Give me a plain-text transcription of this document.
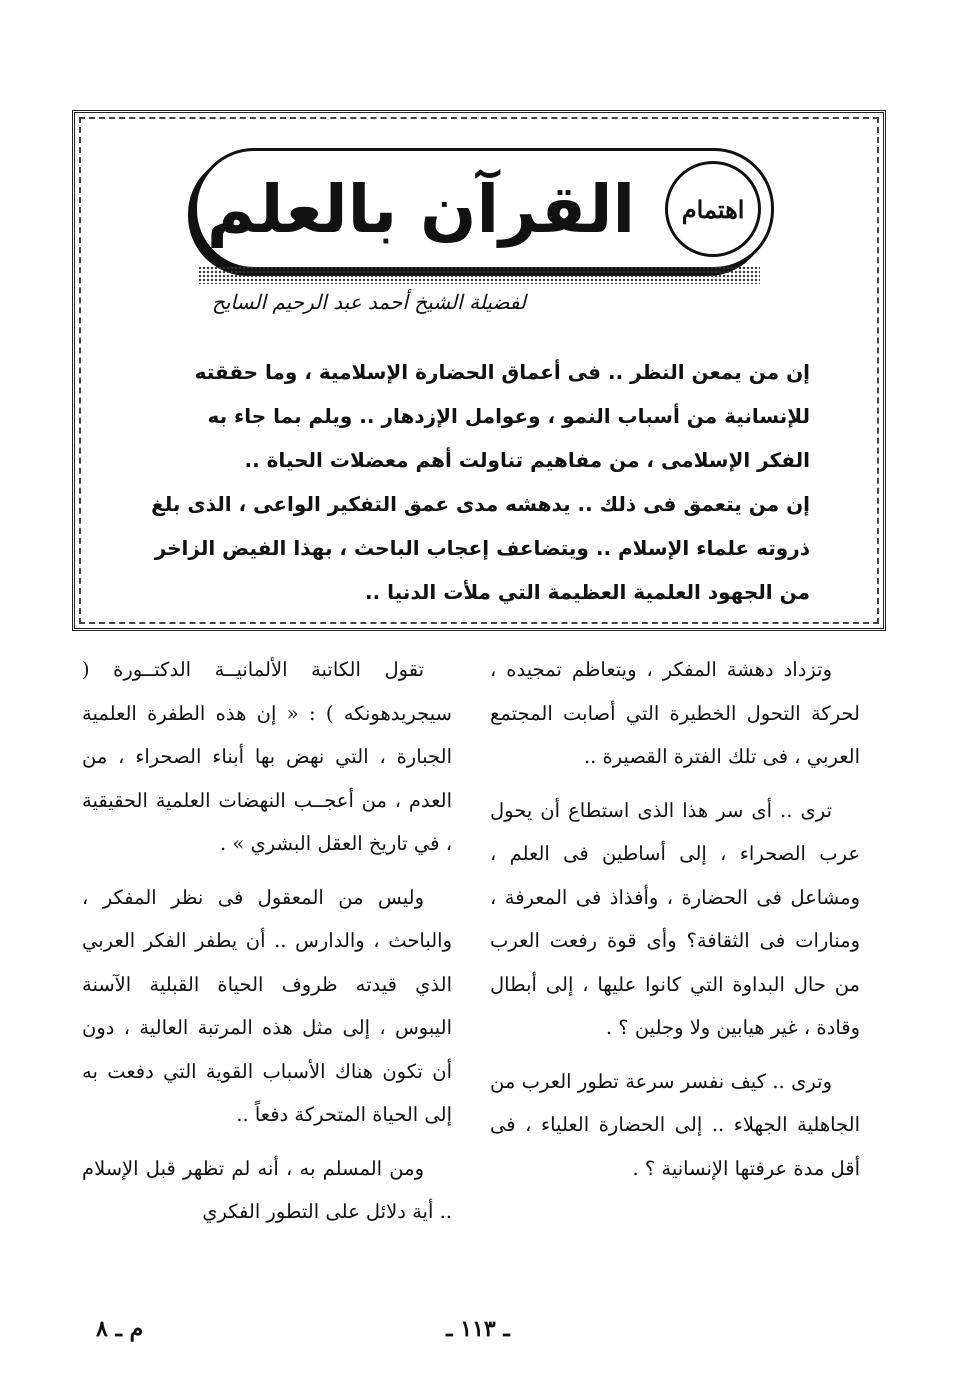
اهتمام
القرآن بالعلم
لفضيلة الشيخ أحمد عبد الرحيم السايح

إن من يمعن النظر .. فى أعماق الحضارة الإسلامية ، وما حققته للإنسانية من أسباب النمو ، وعوامل الإزدهار .. ويلم بما جاء به الفكر الإسلامى ، من مفاهيم تناولت أهم معضلات الحياة ..

إن من يتعمق فى ذلك .. يدهشه مدى عمق التفكير الواعى ، الذى بلغ ذروته علماء الإسلام .. ويتضاعف إعجاب الباحث ، بهذا الفيض الزاخر من الجهود العلمية العظيمة التي ملأت الدنيا ..

وتزداد دهشة المفكر ، ويتعاظم تمجيده ، لحركة التحول الخطيرة التي أصابت المجتمع العربي ، فى تلك الفترة القصيرة ..

ترى .. أى سر هذا الذى استطاع أن يحول عرب الصحراء ، إلى أساطين فى العلم ، ومشاعل فى الحضارة ، وأفذاذ فى المعرفة ، ومنارات فى الثقافة؟ وأى قوة رفعت العرب من حال البداوة التي كانوا عليها ، إلى أبطال وقادة ، غير هيابين ولا وجلين ؟ .

وترى .. كيف نفسر سرعة تطور العرب من الجاهلية الجهلاء .. إلى الحضارة العلياء ، فى أقل مدة عرفتها الإنسانية ؟ .

تقول الكاتبة الألمانيــة الدكتــورة ( سيجريدهونكه ) : « إن هذه الطفرة العلمية الجبارة ، التي نهض بها أبناء الصحراء ، من العدم ، من أعجــب النهضات العلمية الحقيقية ، في تاريخ العقل البشري » .

وليس من المعقول فى نظر المفكر ، والباحث ، والدارس .. أن يطفر الفكر العربي الذي قيدته ظروف الحياة القبلية الآسنة اليبوس ، إلى مثل هذه المرتبة العالية ، دون أن تكون هناك الأسباب القوية التي دفعت به إلى الحياة المتحركة دفعاً ..

ومن المسلم به ، أنه لم تظهر قبل الإسلام .. أية دلائل على التطور الفكري

ـ ١١٣ ـ
م ـ ٨
